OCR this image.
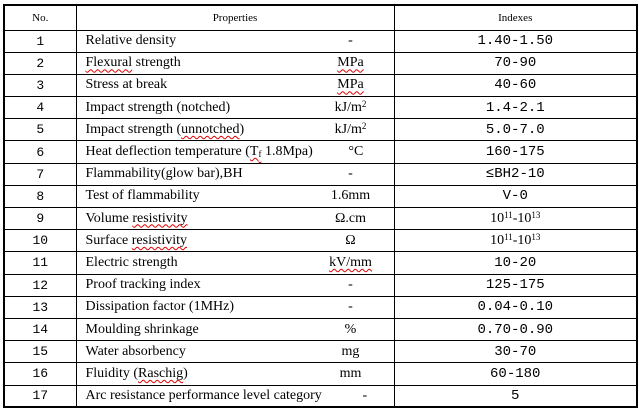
No.	Properties	Indexes
1	Relative density -	1.40-1.50
2	Flexural strength MPa	70-90
3	Stress at break MPa	40-60
4	Impact strength (notched) $kJ/m^2$	1.4-2.1
5	Impact strength (unnotched) $kJ/m^2$	5.0-7.0
6	Heat deflection temperature ($T_f$ 1.8Mpa) °C	160-175
7	Flammability(glow bar),BH -	≤BH2-10
8	Test of flammability 1.6mm	V-0
9	Volume resistivity Ω.cm	$10^{11}-10^{13}$
10	Surface resistivity Ω	$10^{11}-10^{13}$
11	Electric strength kV/mm	10-20
12	Proof tracking index -	125-175
13	Dissipation factor (1MHz) -	0.04-0.10
14	Moulding shrinkage %	0.70-0.90
15	Water absorbency mg	30-70
16	Fluidity (Raschig) mm	60-180
17	Arc resistance performance level category -	5
